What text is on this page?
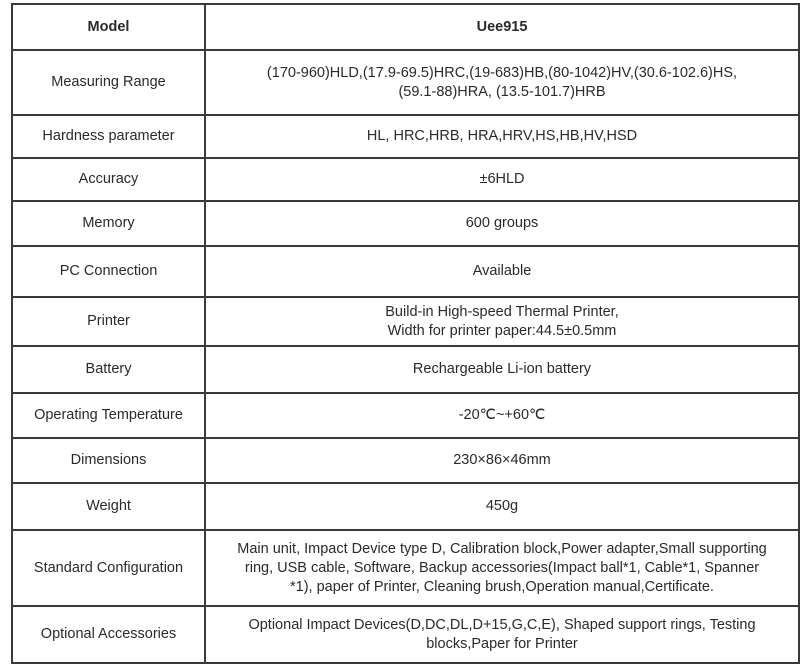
Model	Uee915
Measuring Range	(170-960)HLD,(17.9-69.5)HRC,(19-683)HB,(80-1042)HV,(30.6-102.6)HS,
(59.1-88)HRA, (13.5-101.7)HRB

Hardness parameter	HL, HRC,HRB, HRA,HRV,HS,HB,HV,HSD
Accuracy	±6HLD
Memory	600 groups
PC Connection	Available
Printer	Build-in High-speed Thermal Printer,
Width for printer paper:44.5±0.5mm

Battery	Rechargeable Li-ion battery
Operating Temperature	-20℃~+60℃
Dimensions	230×86×46mm
Weight	450g
Standard Configuration	Main unit, Impact Device type D, Calibration block,Power adapter,Small supporting
ring, USB cable, Software, Backup accessories(Impact ball*1, Cable*1, Spanner
*1), paper of Printer, Cleaning brush,Operation manual,Certificate.

Optional Accessories	Optional Impact Devices(D,DC,DL,D+15,G,C,E), Shaped support rings, Testing
blocks,Paper for Printer
